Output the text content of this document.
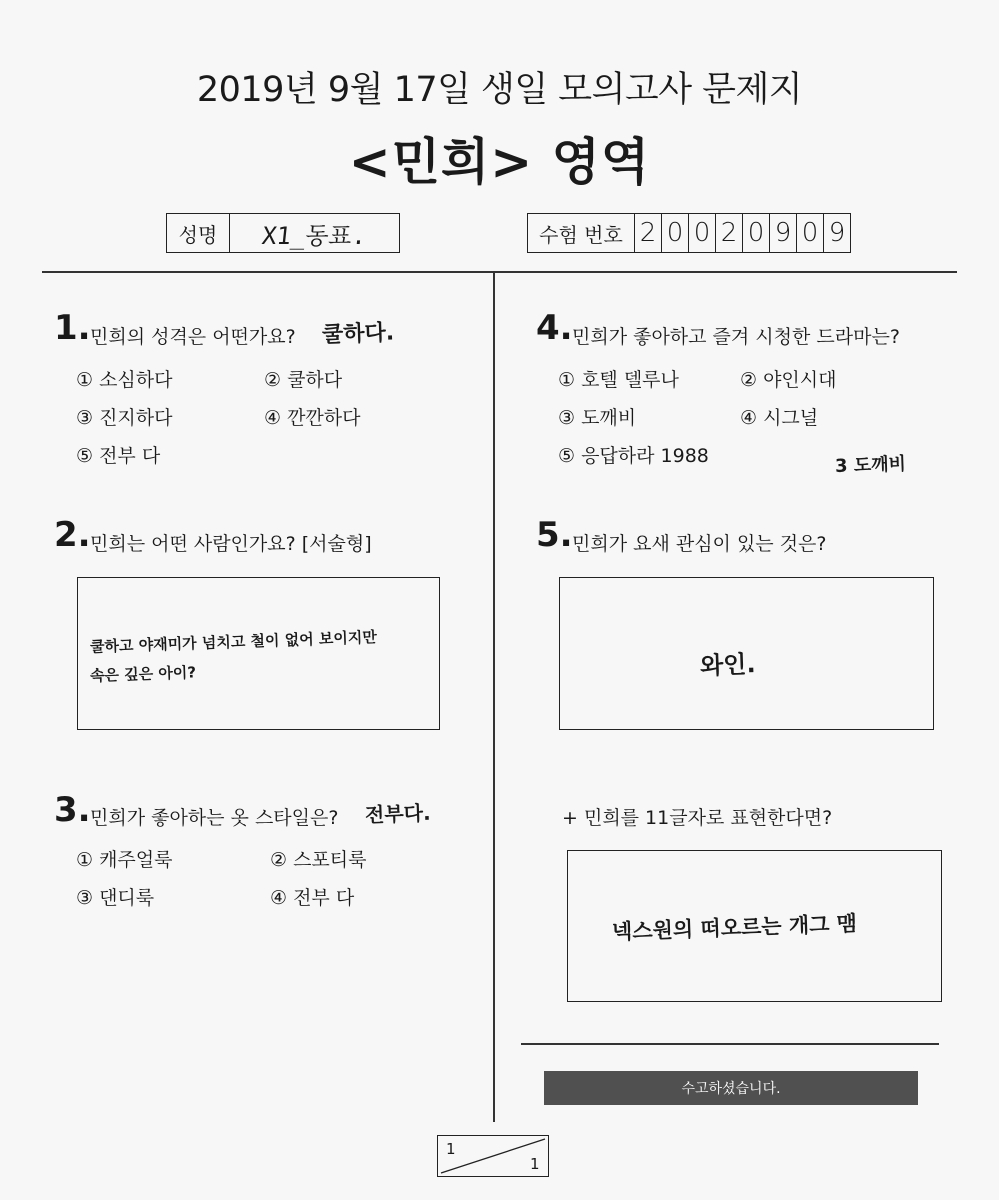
2019년 9월 17일 생일 모의고사 문제지
<민희> 영역
성명	X1_동표.	수험 번호 2 0 0 2 0 9 0 9
1. 민희의 성격은 어떤가요? 쿨하다.
① 소심하다	② 쿨하다
③ 진지하다	④ 깐깐하다
⑤ 전부 다
2. 민희는 어떤 사람인가요? [서술형]
쿨하고 야재미가 넘치고 철이 없어 보이지만
속은 깊은 아이?
3. 민희가 좋아하는 옷 스타일은? 전부다.
① 캐주얼룩	② 스포티룩
③ 댄디룩	④ 전부 다
4. 민희가 좋아하고 즐겨 시청한 드라마는?
① 호텔 델루나	② 야인시대
③ 도깨비	④ 시그널
⑤ 응답하라 1988	3 도깨비
5. 민희가 요새 관심이 있는 것은?
와인.
+ 민희를 11글자로 표현한다면?
넥스원의 떠오르는 개그 맴
수고하셨습니다.
1
1
